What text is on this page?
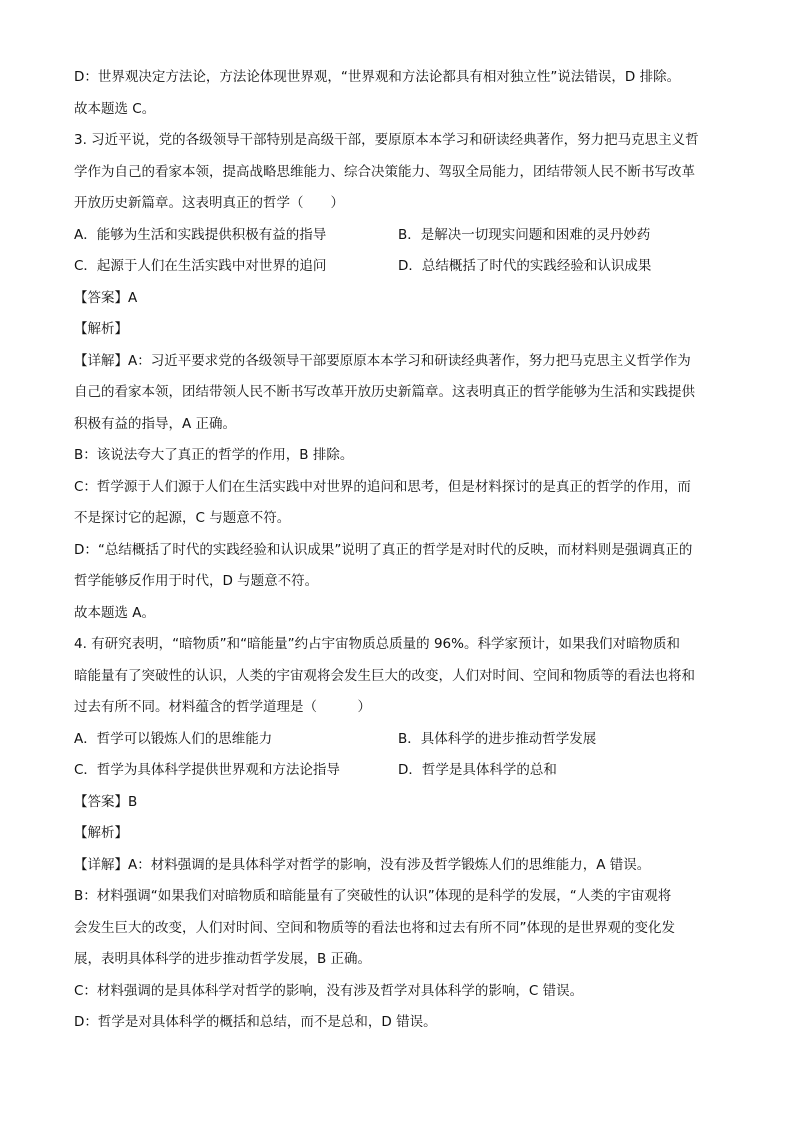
D：世界观决定方法论，方法论体现世界观，“世界观和方法论都具有相对独立性”说法错误，D 排除。

故本题选 C。

3. 习近平说，党的各级领导干部特别是高级干部，要原原本本学习和研读经典著作，努力把马克思主义哲

学作为自己的看家本领，提高战略思维能力、综合决策能力、驾驭全局能力，团结带领人民不断书写改革

开放历史新篇章。这表明真正的哲学（　　）

A．能够为生活和实践提供积极有益的指导	B．是解决一切现实问题和困难的灵丹妙药
C．起源于人们在生活实践中对世界的追问	D．总结概括了时代的实践经验和认识成果

【答案】A

【解析】

【详解】A：习近平要求党的各级领导干部要原原本本学习和研读经典著作，努力把马克思主义哲学作为

自己的看家本领，团结带领人民不断书写改革开放历史新篇章。这表明真正的哲学能够为生活和实践提供

积极有益的指导，A 正确。

B：该说法夸大了真正的哲学的作用，B 排除。

C：哲学源于人们源于人们在生活实践中对世界的追问和思考，但是材料探讨的是真正的哲学的作用，而

不是探讨它的起源，C 与题意不符。

D：“总结概括了时代的实践经验和认识成果”说明了真正的哲学是对时代的反映，而材料则是强调真正的

哲学能够反作用于时代，D 与题意不符。

故本题选 A。

4. 有研究表明，“暗物质”和“暗能量”约占宇宙物质总质量的 96%。科学家预计，如果我们对暗物质和

暗能量有了突破性的认识，人类的宇宙观将会发生巨大的改变，人们对时间、空间和物质等的看法也将和

过去有所不同。材料蕴含的哲学道理是（　　　）

A．哲学可以锻炼人们的思维能力	B．具体科学的进步推动哲学发展
C．哲学为具体科学提供世界观和方法论指导	D．哲学是具体科学的总和

【答案】B

【解析】

【详解】A：材料强调的是具体科学对哲学的影响，没有涉及哲学锻炼人们的思维能力，A 错误。

B：材料强调“如果我们对暗物质和暗能量有了突破性的认识”体现的是科学的发展，“人类的宇宙观将

会发生巨大的改变，人们对时间、空间和物质等的看法也将和过去有所不同”体现的是世界观的变化发

展，表明具体科学的进步推动哲学发展，B 正确。

C：材料强调的是具体科学对哲学的影响，没有涉及哲学对具体科学的影响，C 错误。

D：哲学是对具体科学的概括和总结，而不是总和，D 错误。
